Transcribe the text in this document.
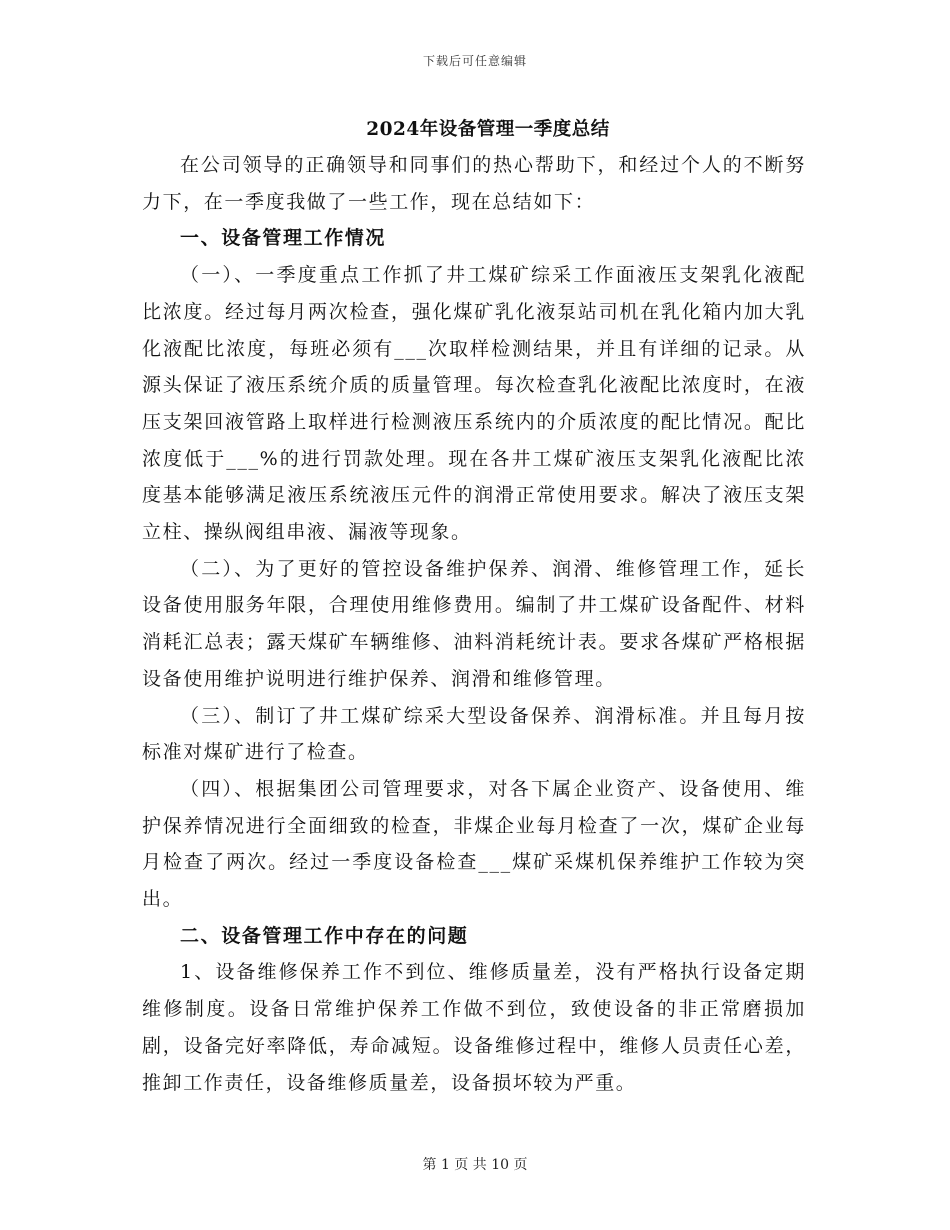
下载后可任意编辑
2024年设备管理一季度总结

在公司领导的正确领导和同事们的热心帮助下，和经过个人的不断努力下，在一季度我做了一些工作，现在总结如下：

一、设备管理工作情况

（一）、一季度重点工作抓了井工煤矿综采工作面液压支架乳化液配比浓度。经过每月两次检查，强化煤矿乳化液泵站司机在乳化箱内加大乳化液配比浓度，每班必须有___次取样检测结果，并且有详细的记录。从源头保证了液压系统介质的质量管理。每次检查乳化液配比浓度时，在液压支架回液管路上取样进行检测液压系统内的介质浓度的配比情况。配比浓度低于___%的进行罚款处理。现在各井工煤矿液压支架乳化液配比浓度基本能够满足液压系统液压元件的润滑正常使用要求。解决了液压支架立柱、操纵阀组串液、漏液等现象。

（二）、为了更好的管控设备维护保养、润滑、维修管理工作，延长设备使用服务年限，合理使用维修费用。编制了井工煤矿设备配件、材料消耗汇总表；露天煤矿车辆维修、油料消耗统计表。要求各煤矿严格根据设备使用维护说明进行维护保养、润滑和维修管理。

（三）、制订了井工煤矿综采大型设备保养、润滑标准。并且每月按标准对煤矿进行了检查。

（四）、根据集团公司管理要求，对各下属企业资产、设备使用、维护保养情况进行全面细致的检查，非煤企业每月检查了一次，煤矿企业每月检查了两次。经过一季度设备检查___煤矿采煤机保养维护工作较为突出。

二、设备管理工作中存在的问题

1、设备维修保养工作不到位、维修质量差，没有严格执行设备定期维修制度。设备日常维护保养工作做不到位，致使设备的非正常磨损加剧，设备完好率降低，寿命减短。设备维修过程中，维修人员责任心差，推卸工作责任，设备维修质量差，设备损坏较为严重。

第 1 页 共 10 页
